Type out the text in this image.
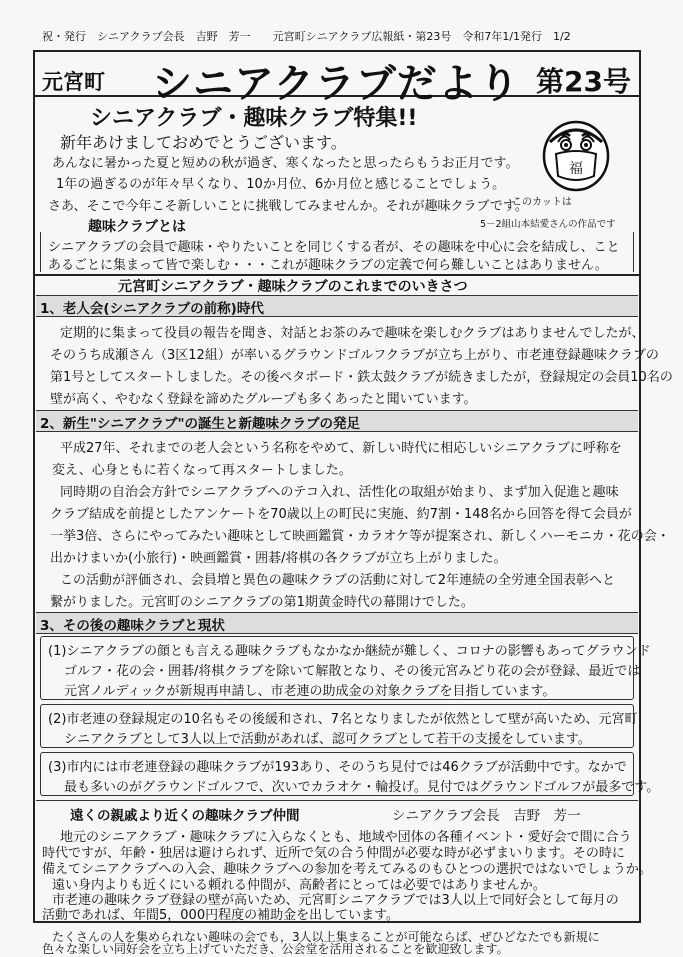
祝・発行　シニアクラブ会長　吉野　芳一　　元宮町シニアクラブ広報紙・第23号　令和7年1/1発行　1/2
元宮町 シニアクラブだより 第23号
シニアクラブ・趣味クラブ特集!!
新年あけましておめでとうございます。
あんなに暑かった夏と短めの秋が過ぎ、寒くなったと思ったらもうお正月です。
1年の過ぎるのが年々早くなり、10か月位、6か月位と感じることでしょう。
さあ、そこで今年こそ新しいことに挑戦してみませんか。それが趣味クラブです。
福
このカットは
趣味クラブとは	5－2組山本結愛さんの作品です
シニアクラブの会員で趣味・やりたいことを同じくする者が、その趣味を中心に会を結成し、こと
あるごとに集まって皆で楽しむ・・・これが趣味クラブの定義で何ら難しいことはありません。
元宮町シニアクラブ・趣味クラブのこれまでのいきさつ
1、老人会(シニアクラブの前称)時代
定期的に集まって役員の報告を聞き、対話とお茶のみで趣味を楽しむクラブはありませんでしたが、
そのうち成瀬さん（3区12組）が率いるグラウンドゴルフクラブが立ち上がり、市老連登録趣味クラブの
第1号としてスタートしました。その後ペタボード・鉄太鼓クラブが続きましたが，登録規定の会員10名の
壁が高く、やむなく登録を諦めたグループも多くあったと聞いています。
2、新生"シニアクラブ"の誕生と新趣味クラブの発足
平成27年、それまでの老人会という名称をやめて、新しい時代に相応しいシニアクラブに呼称を
変え、心身ともに若くなって再スタートしました。
同時期の自治会方針でシニアクラブへのテコ入れ、活性化の取組が始まり、まず加入促進と趣味
クラブ結成を前提としたアンケートを70歳以上の町民に実施、約7割・148名から回答を得て会員が
一挙3倍、さらにやってみたい趣味として映画鑑賞・カラオケ等が提案され、新しくハーモニカ・花の会・
出かけまいか(小旅行)・映画鑑賞・囲碁/将棋の各クラブが立ち上がりました。
この活動が評価され、会員増と異色の趣味クラブの活動に対して2年連続の全労連全国表彰へと
繋がりました。元宮町のシニアクラブの第1期黄金時代の幕開けでした。
3、その後の趣味クラブと現状
(1)シニアクラブの顔とも言える趣味クラブもなかなか継続が難しく、コロナの影響もあってグラウンド
ゴルフ・花の会・囲碁/将棋クラブを除いて解散となり、その後元宮みどり花の会が登録、最近では
元宮ノルディックが新規再申請し、市老連の助成金の対象クラブを目指しています。
(2)市老連の登録規定の10名もその後緩和され、7名となりましたが依然として壁が高いため、元宮町
シニアクラブとして3人以上で活動があれば、認可クラブとして若干の支援をしています。
(3)市内には市老連登録の趣味クラブが193あり、そのうち見付では46クラブが活動中です。なかで
最も多いのがグラウンドゴルフで、次いでカラオケ・輪投げ。見付ではグラウンドゴルフが最多です。
遠くの親戚より近くの趣味クラブ仲間	シニアクラブ会長　吉野　芳一
地元のシニアクラブ・趣味クラブに入らなくとも、地域や団体の各種イベント・愛好会で間に合う
時代ですが、年齢・独居は避けられず、近所で気の合う仲間が必要な時が必ずまいります。その時に
備えてシニアクラブへの入会、趣味クラブへの参加を考えてみるのもひとつの選択ではないでしょうか。
遠い身内よりも近くにいる頼れる仲間が、高齢者にとっては必要ではありませんか。
市老連の趣味クラブ登録の壁が高いため、元宮町シニアクラブでは3人以上で同好会として毎月の
活動であれば、年間5，000円程度の補助金を出しています。
たくさんの人を集められない趣味の会でも，3人以上集まることが可能ならば、ぜひどなたでも新規に
色々な楽しい同好会を立ち上げていただき、公会堂を活用されることを歓迎致します。
